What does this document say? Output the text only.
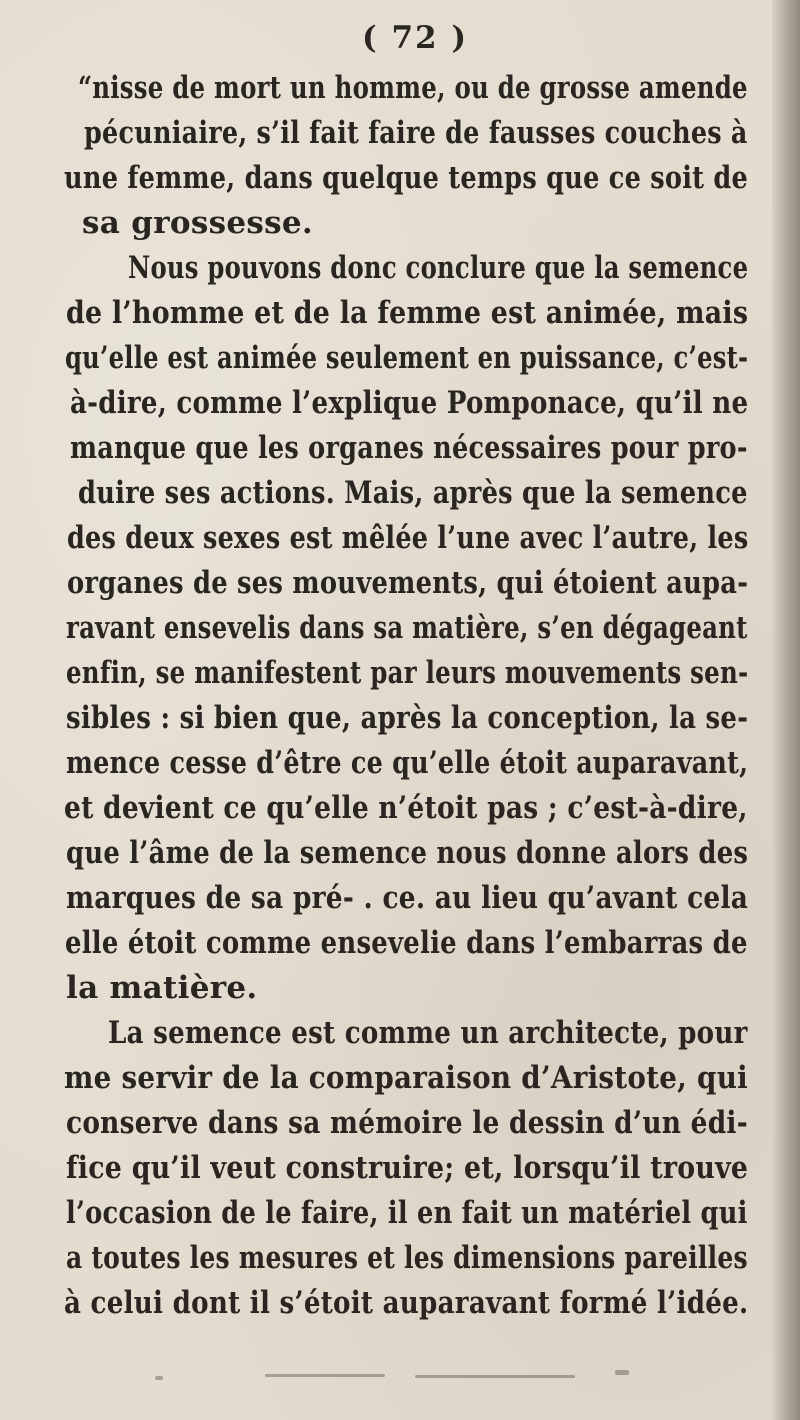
( 72 )
“nisse de mort un homme, ou de grosse amende
pécuniaire, s’il fait faire de fausses couches à
une femme, dans quelque temps que ce soit de
sa grossesse.
Nous pouvons donc conclure que la semence
de l’homme et de la femme est animée, mais
qu’elle est animée seulement en puissance, c’est-
à-dire, comme l’explique Pomponace, qu’il ne
manque que les organes nécessaires pour pro-
duire ses actions. Mais, après que la semence
des deux sexes est mêlée l’une avec l’autre, les
organes de ses mouvements, qui étoient aupa-
ravant ensevelis dans sa matière, s’en dégageant
enfin, se manifestent par leurs mouvements sen-
sibles : si bien que, après la conception, la se-
mence cesse d’être ce qu’elle étoit auparavant,
et devient ce qu’elle n’étoit pas ; c’est-à-dire,
que l’âme de la semence nous donne alors des
marques de sa pré- . ce. au lieu qu’avant cela
elle étoit comme ensevelie dans l’embarras de
la matière.
La semence est comme un architecte, pour
me servir de la comparaison d’Aristote, qui
conserve dans sa mémoire le dessin d’un édi-
fice qu’il veut construire; et, lorsqu’il trouve
l’occasion de le faire, il en fait un matériel qui
a toutes les mesures et les dimensions pareilles
à celui dont il s’étoit auparavant formé l’idée.
